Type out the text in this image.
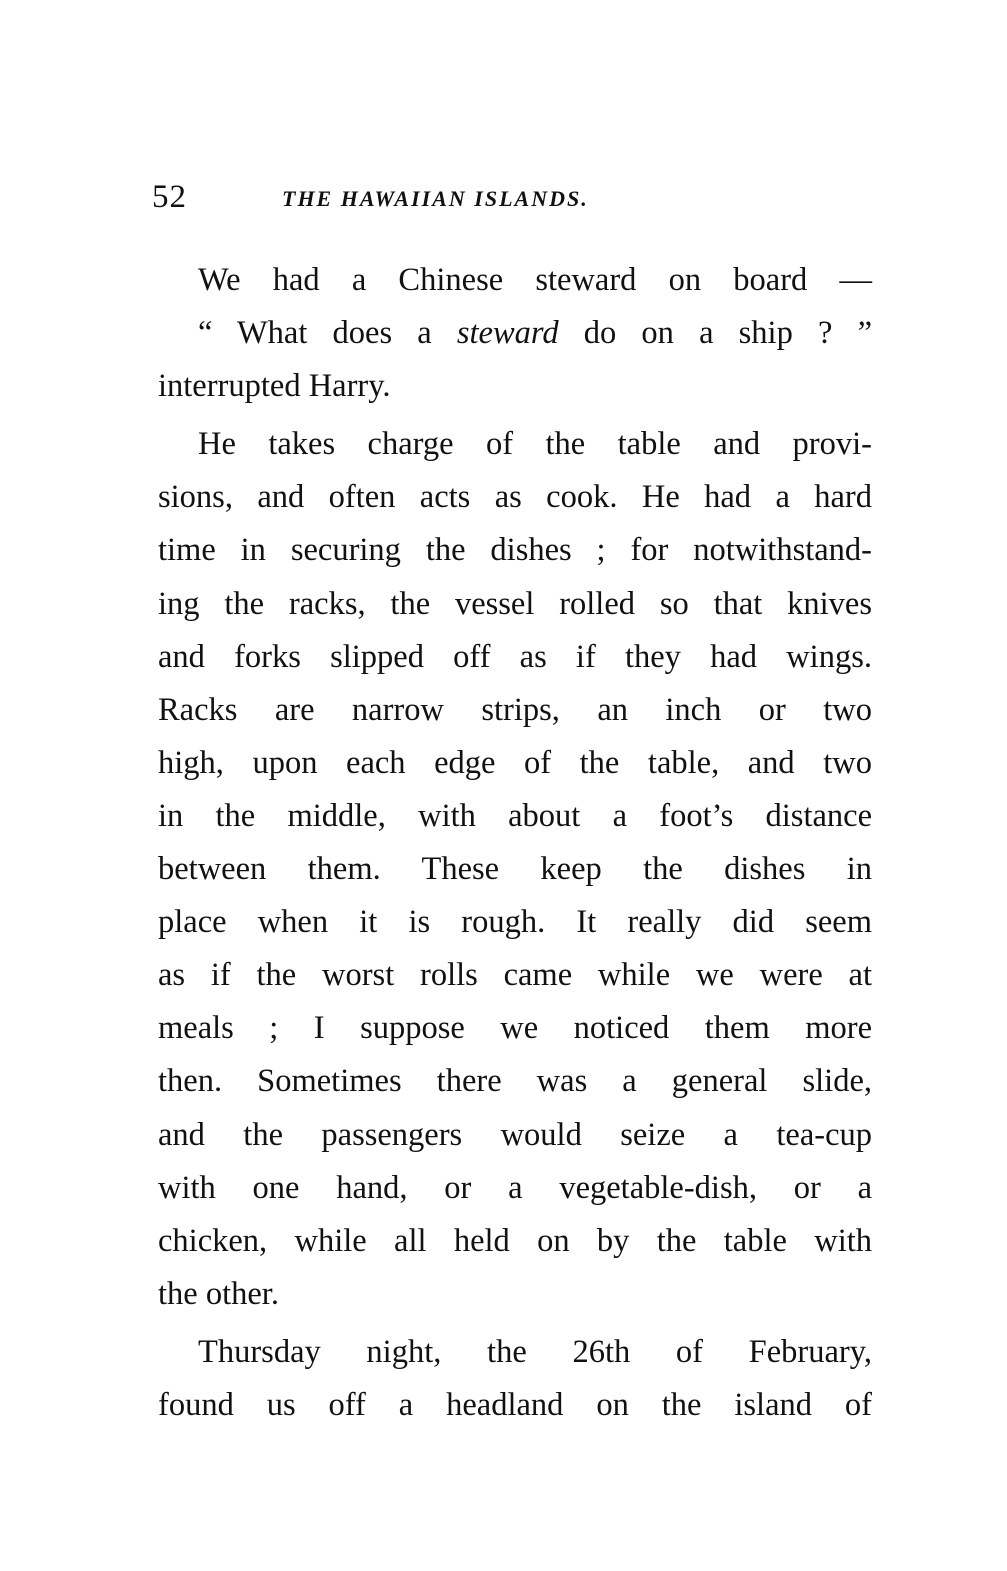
52	THE HAWAIIAN ISLANDS.
We had a Chinese steward on board —
“ What does a steward do on a ship ? ”
interrupted Harry.
He takes charge of the table and provi-
sions, and often acts as cook. He had a hard
time in securing the dishes ; for notwithstand-
ing the racks, the vessel rolled so that knives
and forks slipped off as if they had wings.
Racks are narrow strips, an inch or two
high, upon each edge of the table, and two
in the middle, with about a foot’s distance
between them. These keep the dishes in
place when it is rough. It really did seem
as if the worst rolls came while we were at
meals ; I suppose we noticed them more
then. Sometimes there was a general slide,
and the passengers would seize a tea-cup
with one hand, or a vegetable-dish, or a
chicken, while all held on by the table with
the other.
Thursday night, the 26th of February,
found us off a headland on the island of
